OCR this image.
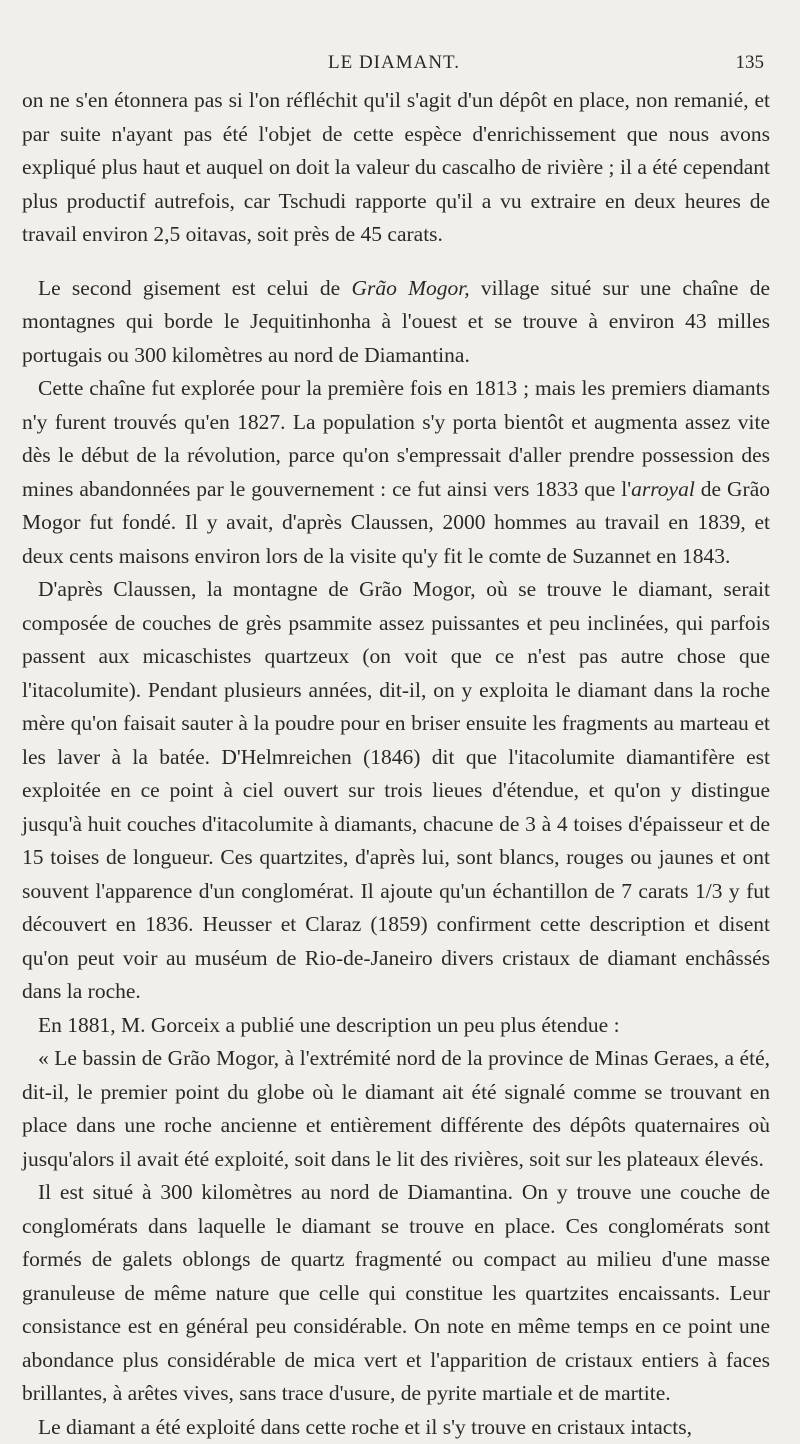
LE DIAMANT.	135

on ne s'en étonnera pas si l'on réfléchit qu'il s'agit d'un dépôt en place, non remanié, et par suite n'ayant pas été l'objet de cette espèce d'enrichissement que nous avons expliqué plus haut et auquel on doit la valeur du cascalho de rivière ; il a été cependant plus productif autrefois, car Tschudi rapporte qu'il a vu extraire en deux heures de travail environ 2,5 oitavas, soit près de 45 carats.

Le second gisement est celui de Grão Mogor, village situé sur une chaîne de montagnes qui borde le Jequitinhonha à l'ouest et se trouve à environ 43 milles portugais ou 300 kilomètres au nord de Diamantina.

Cette chaîne fut explorée pour la première fois en 1813 ; mais les premiers diamants n'y furent trouvés qu'en 1827. La population s'y porta bientôt et augmenta assez vite dès le début de la révolution, parce qu'on s'empressait d'aller prendre possession des mines abandonnées par le gouvernement : ce fut ainsi vers 1833 que l'arroyal de Grão Mogor fut fondé. Il y avait, d'après Claussen, 2000 hommes au travail en 1839, et deux cents maisons environ lors de la visite qu'y fit le comte de Suzannet en 1843.

D'après Claussen, la montagne de Grão Mogor, où se trouve le diamant, serait composée de couches de grès psammite assez puissantes et peu inclinées, qui parfois passent aux micaschistes quartzeux (on voit que ce n'est pas autre chose que l'itacolumite). Pendant plusieurs années, dit-il, on y exploita le diamant dans la roche mère qu'on faisait sauter à la poudre pour en briser ensuite les fragments au marteau et les laver à la batée. D'Helmreichen (1846) dit que l'itacolumite diamantifère est exploitée en ce point à ciel ouvert sur trois lieues d'étendue, et qu'on y distingue jusqu'à huit couches d'itacolumite à diamants, chacune de 3 à 4 toises d'épaisseur et de 15 toises de longueur. Ces quartzites, d'après lui, sont blancs, rouges ou jaunes et ont souvent l'apparence d'un conglomérat. Il ajoute qu'un échantillon de 7 carats 1/3 y fut découvert en 1836. Heusser et Claraz (1859) confirment cette description et disent qu'on peut voir au muséum de Rio-de-Janeiro divers cristaux de diamant enchâssés dans la roche.

En 1881, M. Gorceix a publié une description un peu plus étendue :

« Le bassin de Grão Mogor, à l'extrémité nord de la province de Minas Geraes, a été, dit-il, le premier point du globe où le diamant ait été signalé comme se trouvant en place dans une roche ancienne et entièrement différente des dépôts quaternaires où jusqu'alors il avait été exploité, soit dans le lit des rivières, soit sur les plateaux élevés.

Il est situé à 300 kilomètres au nord de Diamantina. On y trouve une couche de conglomérats dans laquelle le diamant se trouve en place. Ces conglomérats sont formés de galets oblongs de quartz fragmenté ou compact au milieu d'une masse granuleuse de même nature que celle qui constitue les quartzites encaissants. Leur consistance est en général peu considérable. On note en même temps en ce point une abondance plus considérable de mica vert et l'apparition de cristaux entiers à faces brillantes, à arêtes vives, sans trace d'usure, de pyrite martiale et de martite.

Le diamant a été exploité dans cette roche et il s'y trouve en cristaux intacts,
